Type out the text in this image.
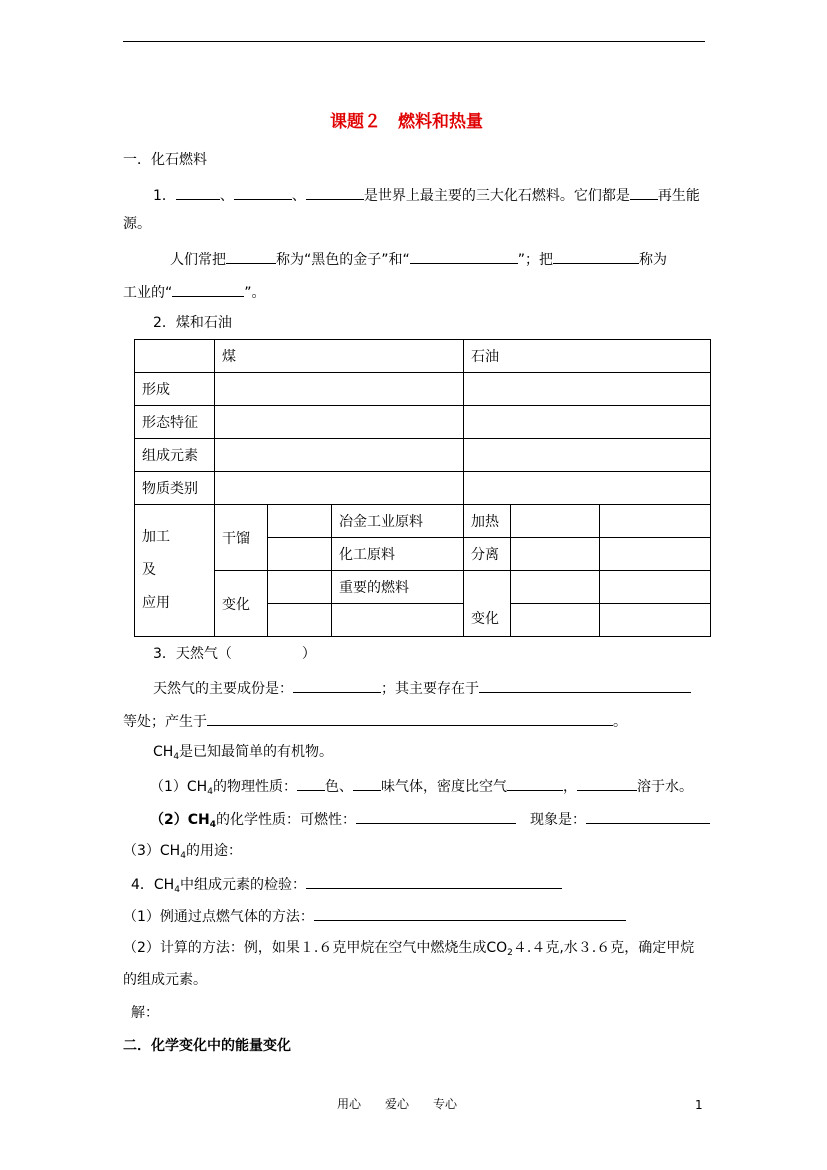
课题２　燃料和热量
一．化石燃料
1．	、	、	是世界上最主要的三大化石燃料。它们都是 再生能
源。
人们常把	称为“黑色的金子”和“	”；把	称为
工业的“	”。
2．煤和石油
	煤			石油		
形成						
形态特征						
组成元素						
物质类别						

加工
及
应用	干馏		冶金工业原料	加热		
			化工原料	分离		
	变化		重要的燃料	变化		

3．天然气（　　　　　）
天然气的主要成份是：	；其主要存在于
等处；产生于	。
$CH_4$是已知最简单的有机物。
$(1)CH_4$的物理性质： 色、 味气体，密度比空气	，	溶于水。
$(2)CH_4$的化学性质：可燃性：	　现象是：
$(3)CH_4$的用途：
4．$CH_4$中组成元素的检验：
（1）例通过点燃气体的方法：
（2）计算的方法：例，如果１.６克甲烷在空气中燃烧生成$CO_24.4$克,水３.６克，确定甲烷
的组成元素。
解：
二．化学变化中的能量变化
用心　　爱心　　专心	1
